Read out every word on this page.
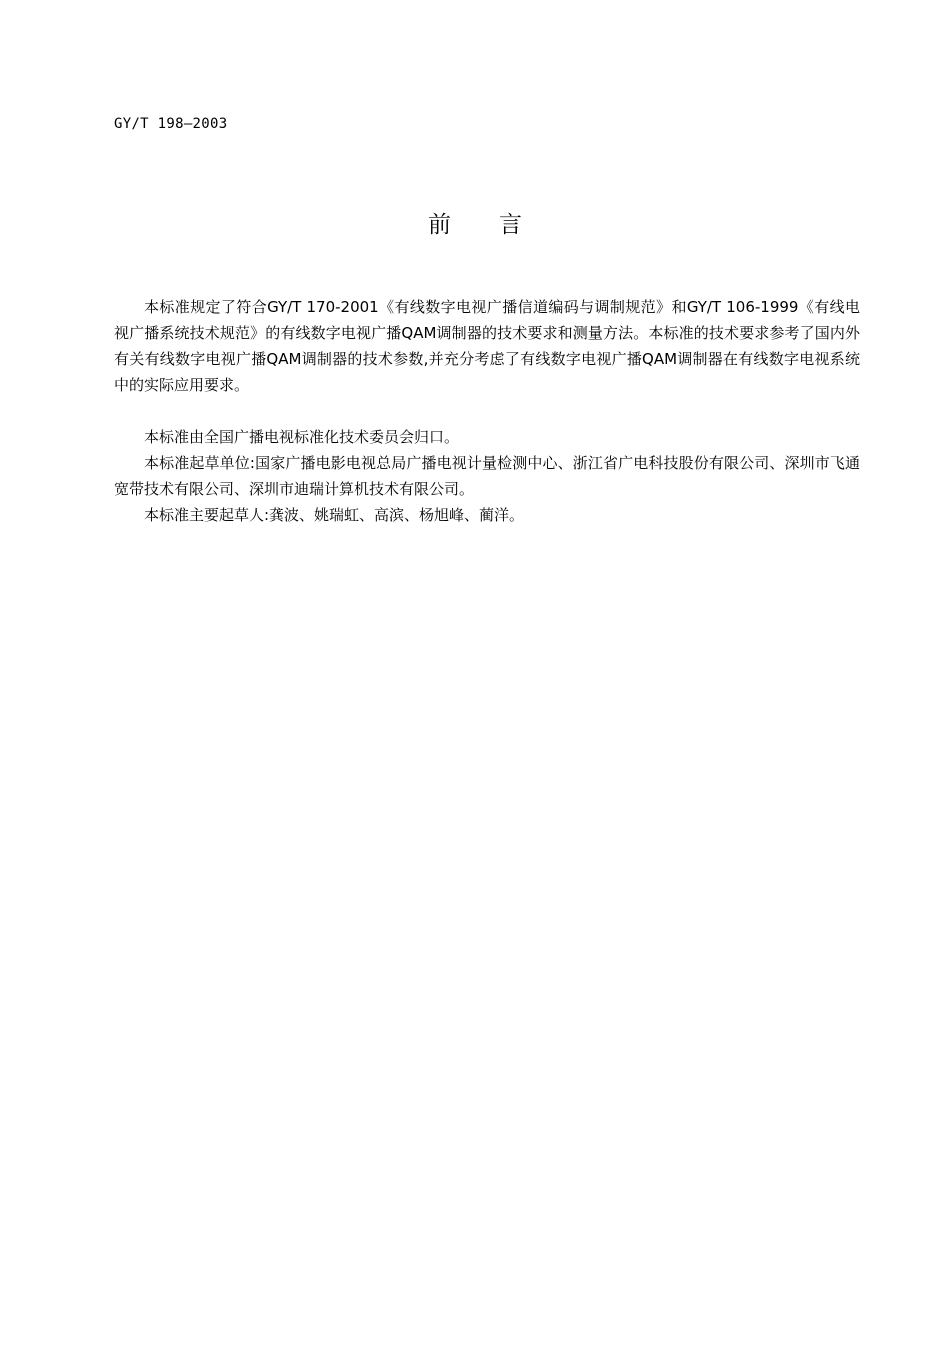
GY/T 198—2003
前言

本标准规定了符合GY/T 170-2001《有线数字电视广播信道编码与调制规范》和GY/T 106-1999《有线电视广播系统技术规范》的有线数字电视广播QAM调制器的技术要求和测量方法。本标准的技术要求参考了国内外有关有线数字电视广播QAM调制器的技术参数,并充分考虑了有线数字电视广播QAM调制器在有线数字电视系统中的实际应用要求。

本标准由全国广播电视标准化技术委员会归口。

本标准起草单位:国家广播电影电视总局广播电视计量检测中心、浙江省广电科技股份有限公司、深圳市飞通宽带技术有限公司、深圳市迪瑞计算机技术有限公司。

本标准主要起草人:龚波、姚瑞虹、高滨、杨旭峰、蔺洋。
